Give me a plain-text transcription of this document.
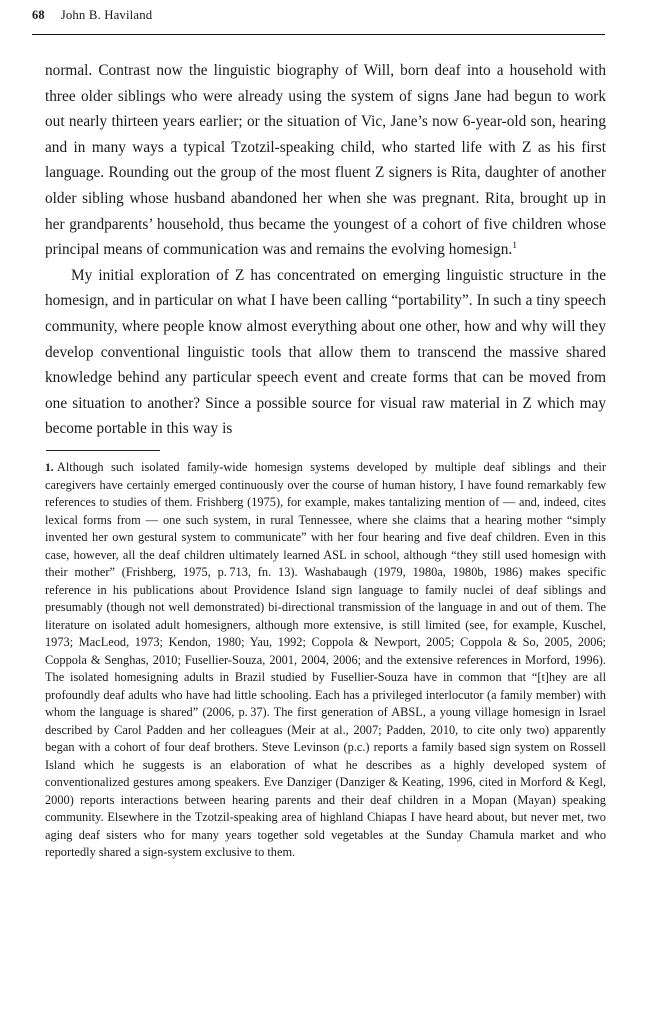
68 John B. Haviland

normal. Contrast now the linguistic biography of Will, born deaf into a household with three older siblings who were already using the system of signs Jane had begun to work out nearly thirteen years earlier; or the situation of Vic, Jane’s now 6-year-old son, hearing and in many ways a typical Tzotzil-speaking child, who started life with Z as his first language. Rounding out the group of the most fluent Z signers is Rita, daughter of another older sibling whose husband abandoned her when she was pregnant. Rita, brought up in her grandparents’ household, thus became the youngest of a cohort of five children whose principal means of communication was and remains the evolving homesign.$^1$

My initial exploration of Z has concentrated on emerging linguistic structure in the homesign, and in particular on what I have been calling “portability”. In such a tiny speech community, where people know almost everything about one other, how and why will they develop conventional linguistic tools that allow them to transcend the massive shared knowledge behind any particular speech event and create forms that can be moved from one situation to another? Since a possible source for visual raw material in Z which may become portable in this way is

1. Although such isolated family-wide homesign systems developed by multiple deaf siblings and their caregivers have certainly emerged continuously over the course of human history, I have found remarkably few references to studies of them. Frishberg (1975), for example, makes tantalizing mention of — and, indeed, cites lexical forms from — one such system, in rural Tennessee, where she claims that a hearing mother “simply invented her own gestural system to communicate” with her four hearing and five deaf children. Even in this case, however, all the deaf children ultimately learned ASL in school, although “they still used homesign with their mother” (Frishberg, 1975, p. 713, fn. 13). Washabaugh (1979, 1980a, 1980b, 1986) makes specific reference in his publications about Providence Island sign language to family nuclei of deaf siblings and presumably (though not well demonstrated) bi-directional transmission of the language in and out of them. The literature on isolated adult homesigners, although more extensive, is still limited (see, for example, Kuschel, 1973; MacLeod, 1973; Kendon, 1980; Yau, 1992; Coppola & Newport, 2005; Coppola & So, 2005, 2006; Coppola & Senghas, 2010; Fusellier-Souza, 2001, 2004, 2006; and the extensive references in Morford, 1996). The isolated homesigning adults in Brazil studied by Fusellier-Souza have in common that “[t]hey are all profoundly deaf adults who have had little schooling. Each has a privileged interlocutor (a family member) with whom the language is shared” (2006, p. 37). The first generation of ABSL, a young village homesign in Israel described by Carol Padden and her colleagues (Meir at al., 2007; Padden, 2010, to cite only two) apparently began with a cohort of four deaf brothers. Steve Levinson (p.c.) reports a family based sign system on Rossell Island which he suggests is an elaboration of what he describes as a highly developed system of conventionalized gestures among speakers. Eve Danziger (Danziger & Keating, 1996, cited in Morford & Kegl, 2000) reports interactions between hearing parents and their deaf children in a Mopan (Mayan) speaking community. Elsewhere in the Tzotzil-speaking area of highland Chiapas I have heard about, but never met, two aging deaf sisters who for many years together sold vegetables at the Sunday Chamula market and who reportedly shared a sign-system exclusive to them.
